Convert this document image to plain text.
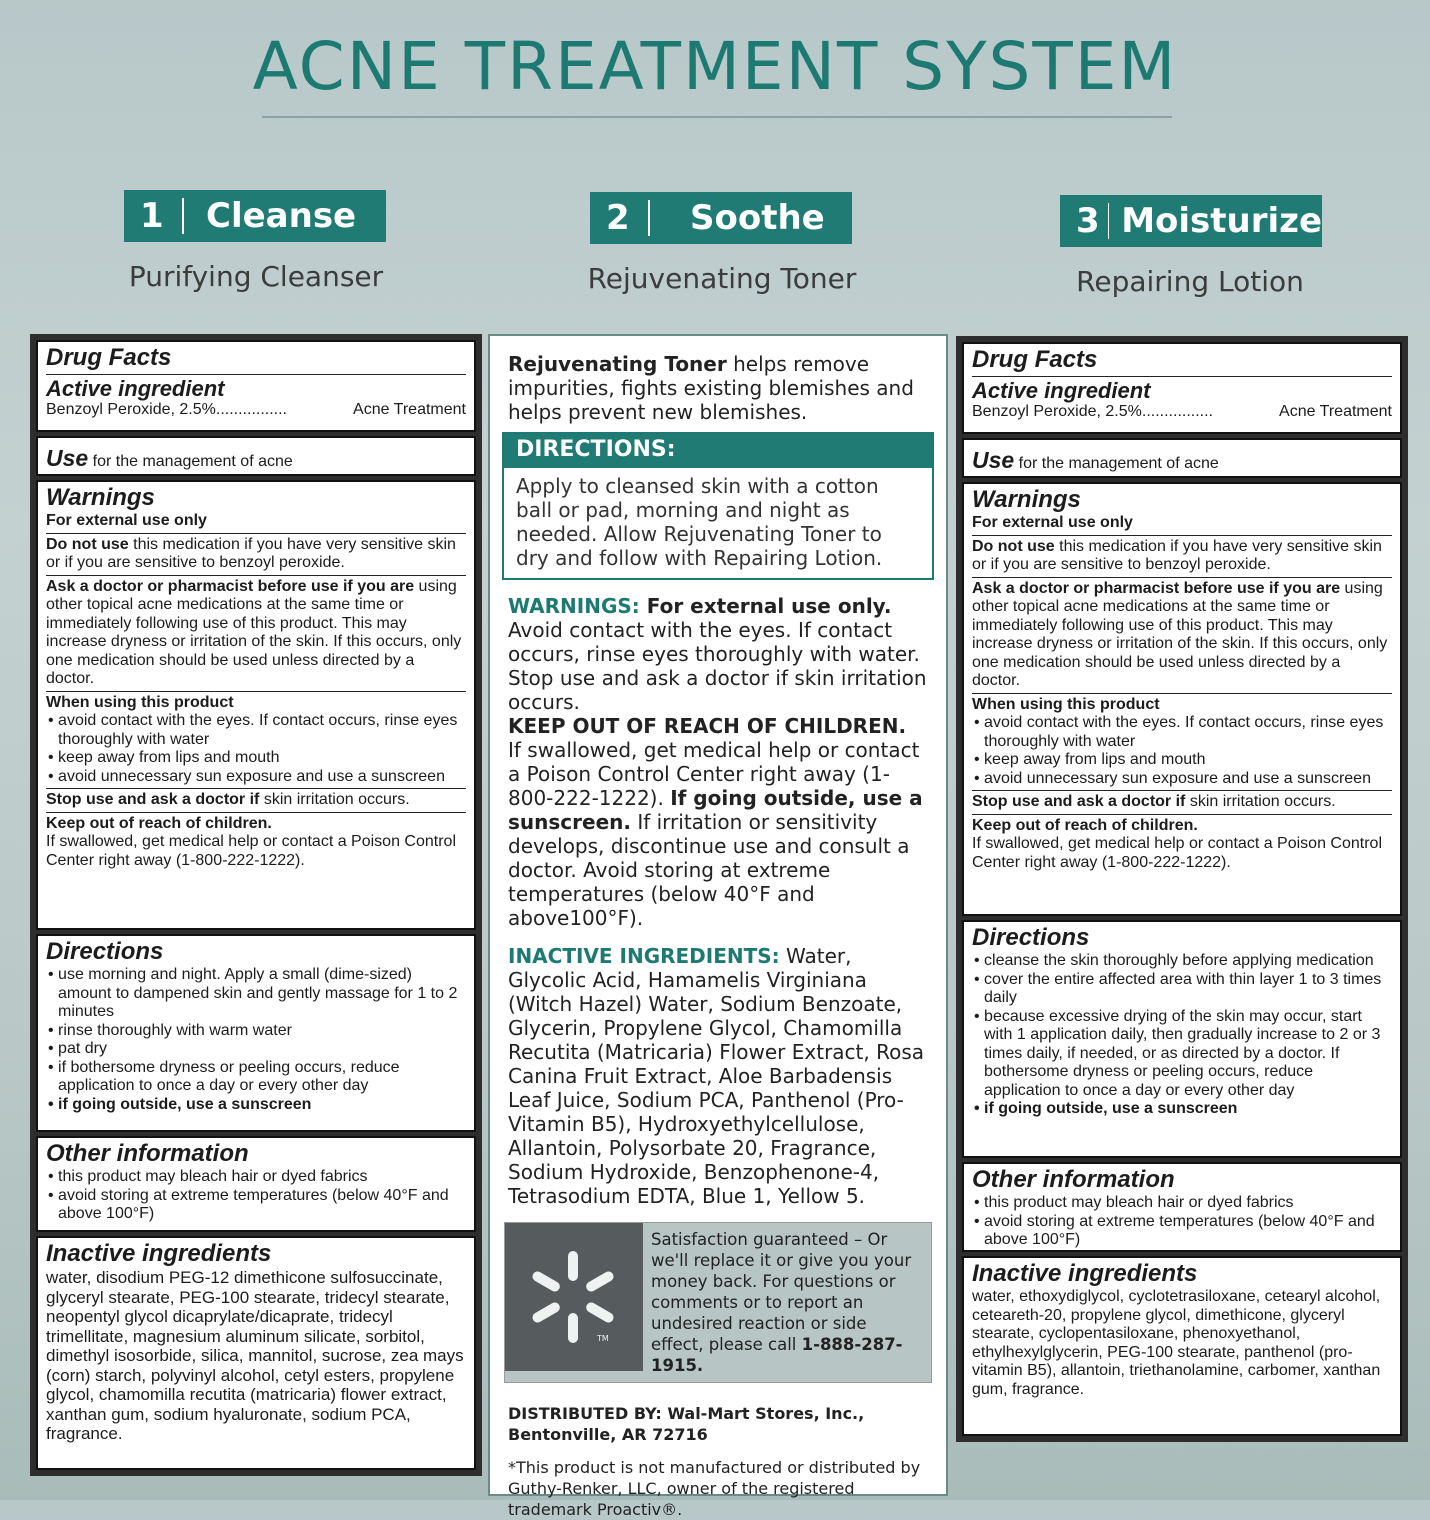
ACNE TREATMENT SYSTEM
1	Cleanse
Purifying Cleanser
2	Soothe
Rejuvenating Toner
3 Moisturize
Repairing Lotion
Drug Facts
Active ingredient
Benzoyl Peroxide, 2.5% ................	Acne Treatment
Use for the management of acne
Warnings
For external use only
Do not use this medication if you have very sensitive skin or if you are sensitive to benzoyl peroxide.
Ask a doctor or pharmacist before use if you are using other topical acne medications at the same time or immediately following use of this product. This may increase dryness or irritation of the skin. If this occurs, only one medication should be used unless directed by a doctor.
When using this product
• avoid contact with the eyes. If contact occurs, rinse eyes thoroughly with water
• keep away from lips and mouth
• avoid unnecessary sun exposure and use a sunscreen
Stop use and ask a doctor if skin irritation occurs.
Keep out of reach of children.
If swallowed, get medical help or contact a Poison Control Center right away (1-800-222-1222).
Directions
• use morning and night. Apply a small (dime-sized) amount to dampened skin and gently massage for 1 to 2 minutes
• rinse thoroughly with warm water
• pat dry
• if bothersome dryness or peeling occurs, reduce application to once a day or every other day
• if going outside, use a sunscreen
Other information
• this product may bleach hair or dyed fabrics
• avoid storing at extreme temperatures (below 40°F and above 100°F)
Inactive ingredients
water, disodium PEG-12 dimethicone sulfosuccinate, glyceryl stearate, PEG-100 stearate, tridecyl stearate, neopentyl glycol dicaprylate/dicaprate, tridecyl trimellitate, magnesium aluminum silicate, sorbitol, dimethyl isosorbide, silica, mannitol, sucrose, zea mays (corn) starch, polyvinyl alcohol, cetyl esters, propylene glycol, chamomilla recutita (matricaria) flower extract, xanthan gum, sodium hyaluronate, sodium PCA, fragrance.
Rejuvenating Toner helps remove impurities, fights existing blemishes and helps prevent new blemishes.
DIRECTIONS:
Apply to cleansed skin with a cotton ball or pad, morning and night as needed. Allow Rejuvenating Toner to dry and follow with Repairing Lotion.
WARNINGS: For external use only.
Avoid contact with the eyes. If contact occurs, rinse eyes thoroughly with water. Stop use and ask a doctor if skin irritation occurs.
KEEP OUT OF REACH OF CHILDREN.
If swallowed, get medical help or contact a Poison Control Center right away (1-800-222-1222). If going outside, use a sunscreen. If irritation or sensitivity develops, discontinue use and consult a doctor. Avoid storing at extreme temperatures (below 40°F and above100°F).
INACTIVE INGREDIENTS: Water, Glycolic Acid, Hamamelis Virginiana (Witch Hazel) Water, Sodium Benzoate, Glycerin, Propylene Glycol, Chamomilla Recutita (Matricaria) Flower Extract, Rosa Canina Fruit Extract, Aloe Barbadensis Leaf Juice, Sodium PCA, Panthenol (Pro-Vitamin B5), Hydroxyethylcellulose, Allantoin, Polysorbate 20, Fragrance, Sodium Hydroxide, Benzophenone-4, Tetrasodium EDTA, Blue 1, Yellow 5.
TM
Satisfaction guaranteed – Or we'll replace it or give you your money back. For questions or comments or to report an undesired reaction or side effect, please call 1-888-287-1915.
DISTRIBUTED BY: Wal-Mart Stores, Inc.,
Bentonville, AR 72716
*This product is not manufactured or distributed by Guthy-Renker, LLC, owner of the registered trademark Proactiv®.
Drug Facts
Active ingredient
Benzoyl Peroxide, 2.5% ................	Acne Treatment
Use for the management of acne
Warnings
For external use only
Do not use this medication if you have very sensitive skin or if you are sensitive to benzoyl peroxide.
Ask a doctor or pharmacist before use if you are using other topical acne medications at the same time or immediately following use of this product. This may increase dryness or irritation of the skin. If this occurs, only one medication should be used unless directed by a doctor.
When using this product
• avoid contact with the eyes. If contact occurs, rinse eyes thoroughly with water
• keep away from lips and mouth
• avoid unnecessary sun exposure and use a sunscreen
Stop use and ask a doctor if skin irritation occurs.
Keep out of reach of children.
If swallowed, get medical help or contact a Poison Control Center right away (1-800-222-1222).
Directions
• cleanse the skin thoroughly before applying medication
• cover the entire affected area with thin layer 1 to 3 times daily
• because excessive drying of the skin may occur, start with 1 application daily, then gradually increase to 2 or 3 times daily, if needed, or as directed by a doctor. If bothersome dryness or peeling occurs, reduce application to once a day or every other day
• if going outside, use a sunscreen
Other information
• this product may bleach hair or dyed fabrics
• avoid storing at extreme temperatures (below 40°F and above 100°F)
Inactive ingredients
water, ethoxydiglycol, cyclotetrasiloxane, cetearyl alcohol, ceteareth-20, propylene glycol, dimethicone, glyceryl stearate, cyclopentasiloxane, phenoxyethanol, ethylhexylglycerin, PEG-100 stearate, panthenol (pro-vitamin B5), allantoin, triethanolamine, carbomer, xanthan gum, fragrance.
